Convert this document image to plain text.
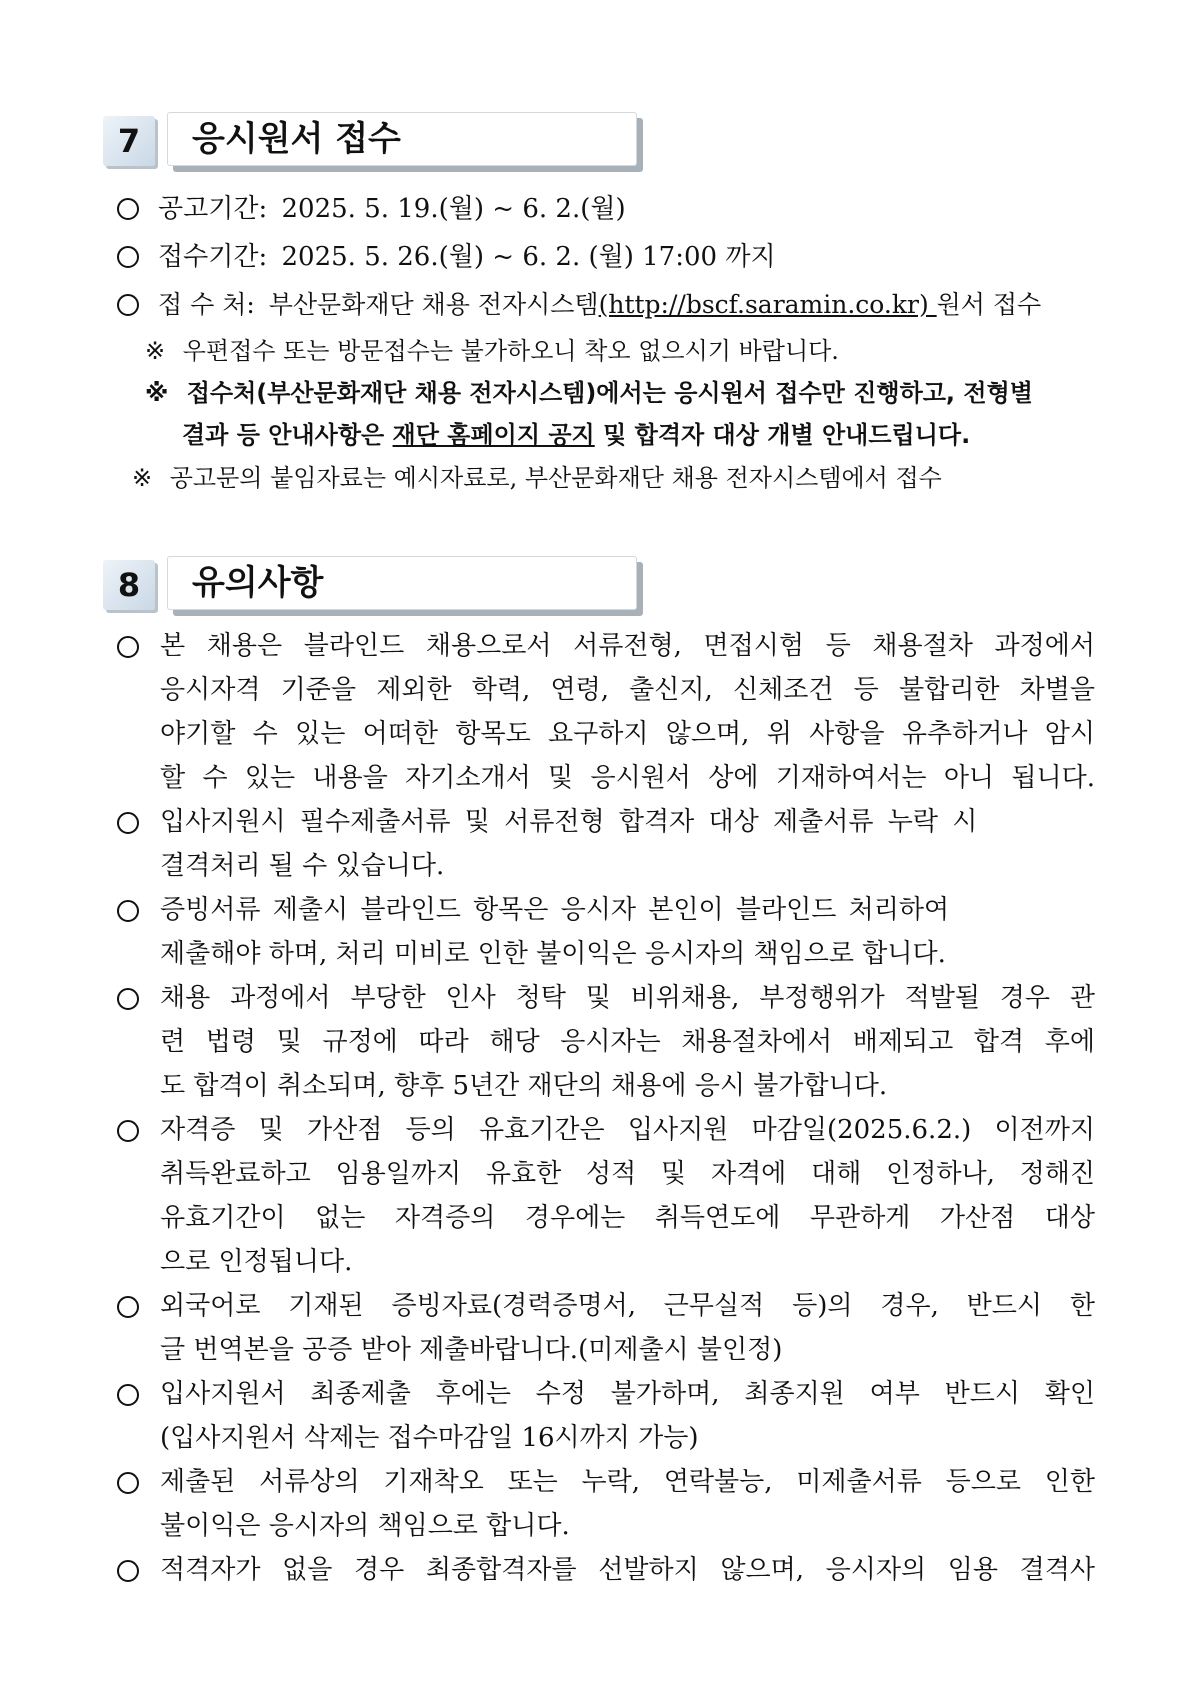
7	응시원서 접수
공고기간: 2025. 5. 19.(월) ~ 6. 2.(월)
접수기간: 2025. 5. 26.(월) ~ 6. 2. (월) 17:00 까지
접 수 처: 부산문화재단 채용 전자시스템(http://bscf.saramin.co.kr) 원서 접수
※ 우편접수 또는 방문접수는 불가하오니 착오 없으시기 바랍니다.
※ 접수처(부산문화재단 채용 전자시스템)에서는 응시원서 접수만 진행하고, 전형별
결과 등 안내사항은 재단 홈페이지 공지 및 합격자 대상 개별 안내드립니다.
※ 공고문의 붙임자료는 예시자료로, 부산문화재단 채용 전자시스템에서 접수
8	유의사항
본 채용은 블라인드 채용으로서 서류전형, 면접시험 등 채용절차 과정에서
응시자격 기준을 제외한 학력, 연령, 출신지, 신체조건 등 불합리한 차별을
야기할 수 있는 어떠한 항목도 요구하지 않으며, 위 사항을 유추하거나 암시
할 수 있는 내용을 자기소개서 및 응시원서 상에 기재하여서는 아니 됩니다.
입사지원시 필수제출서류 및 서류전형 합격자 대상 제출서류 누락 시
결격처리 될 수 있습니다.
증빙서류 제출시 블라인드 항목은 응시자 본인이 블라인드 처리하여
제출해야 하며, 처리 미비로 인한 불이익은 응시자의 책임으로 합니다.
채용 과정에서 부당한 인사 청탁 및 비위채용, 부정행위가 적발될 경우 관
련 법령 및 규정에 따라 해당 응시자는 채용절차에서 배제되고 합격 후에
도 합격이 취소되며, 향후 5년간 재단의 채용에 응시 불가합니다.
자격증 및 가산점 등의 유효기간은 입사지원 마감일(2025.6.2.) 이전까지
취득완료하고 임용일까지 유효한 성적 및 자격에 대해 인정하나, 정해진
유효기간이 없는 자격증의 경우에는 취득연도에 무관하게 가산점 대상
으로 인정됩니다.
외국어로 기재된 증빙자료(경력증명서, 근무실적 등)의 경우, 반드시 한
글 번역본을 공증 받아 제출바랍니다.(미제출시 불인정)
입사지원서 최종제출 후에는 수정 불가하며, 최종지원 여부 반드시 확인
(입사지원서 삭제는 접수마감일 16시까지 가능)
제출된 서류상의 기재착오 또는 누락, 연락불능, 미제출서류 등으로 인한
불이익은 응시자의 책임으로 합니다.
적격자가 없을 경우 최종합격자를 선발하지 않으며, 응시자의 임용 결격사
